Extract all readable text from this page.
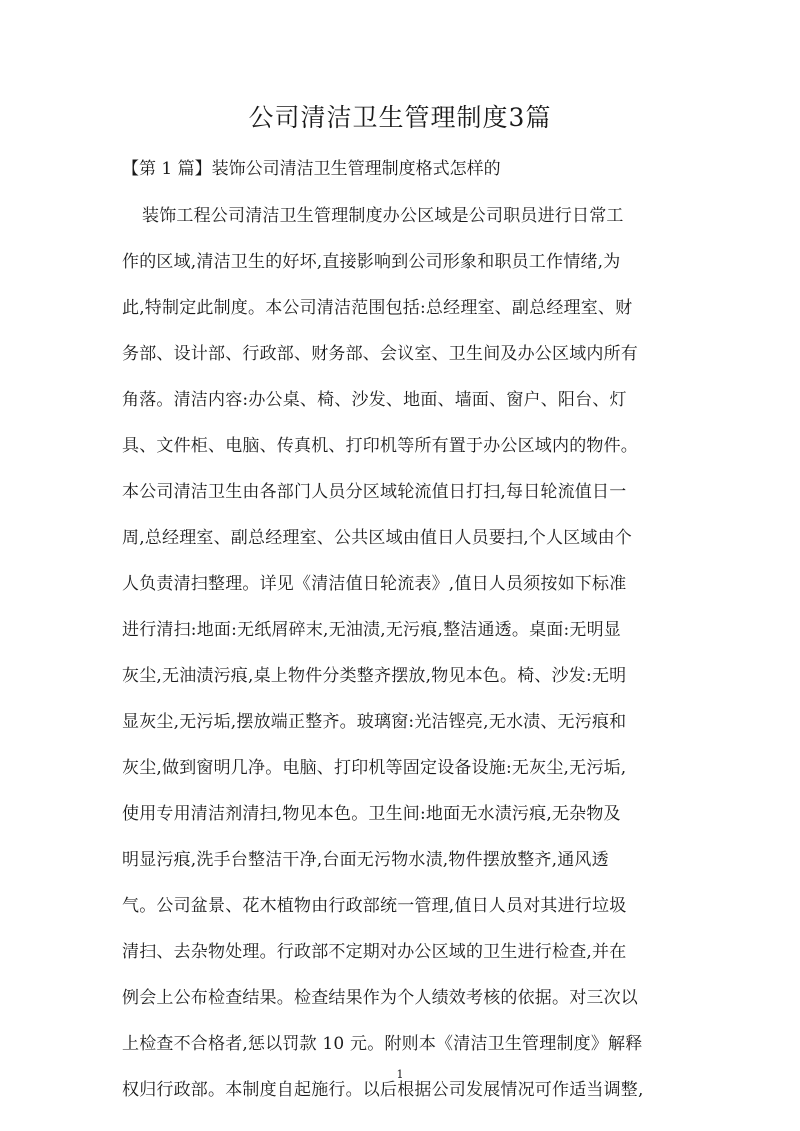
公司清洁卫生管理制度3篇

【第 1 篇】装饰公司清洁卫生管理制度格式怎样的

装饰工程公司清洁卫生管理制度办公区域是公司职员进行日常工
作的区域,清洁卫生的好坏,直接影响到公司形象和职员工作情绪,为
此,特制定此制度。本公司清洁范围包括:总经理室、副总经理室、财
务部、设计部、行政部、财务部、会议室、卫生间及办公区域内所有
角落。清洁内容:办公桌、椅、沙发、地面、墙面、窗户、阳台、灯
具、文件柜、电脑、传真机、打印机等所有置于办公区域内的物件。
本公司清洁卫生由各部门人员分区域轮流值日打扫,每日轮流值日一
周,总经理室、副总经理室、公共区域由值日人员要扫,个人区域由个
人负责清扫整理。详见《清洁值日轮流表》,值日人员须按如下标准
进行清扫:地面:无纸屑碎末,无油渍,无污痕,整洁通透。桌面:无明显
灰尘,无油渍污痕,桌上物件分类整齐摆放,物见本色。椅、沙发:无明
显灰尘,无污垢,摆放端正整齐。玻璃窗:光洁铿亮,无水渍、无污痕和
灰尘,做到窗明几净。电脑、打印机等固定设备设施:无灰尘,无污垢,
使用专用清洁剂清扫,物见本色。卫生间:地面无水渍污痕,无杂物及
明显污痕,洗手台整洁干净,台面无污物水渍,物件摆放整齐,通风透
气。公司盆景、花木植物由行政部统一管理,值日人员对其进行垃圾
清扫、去杂物处理。行政部不定期对办公区域的卫生进行检查,并在
例会上公布检查结果。检查结果作为个人绩效考核的依据。对三次以
上检查不合格者,惩以罚款 10 元。附则本《清洁卫生管理制度》解释
权归行政部。本制度自起施行。以后根据公司发展情况可作适当调整,
1
